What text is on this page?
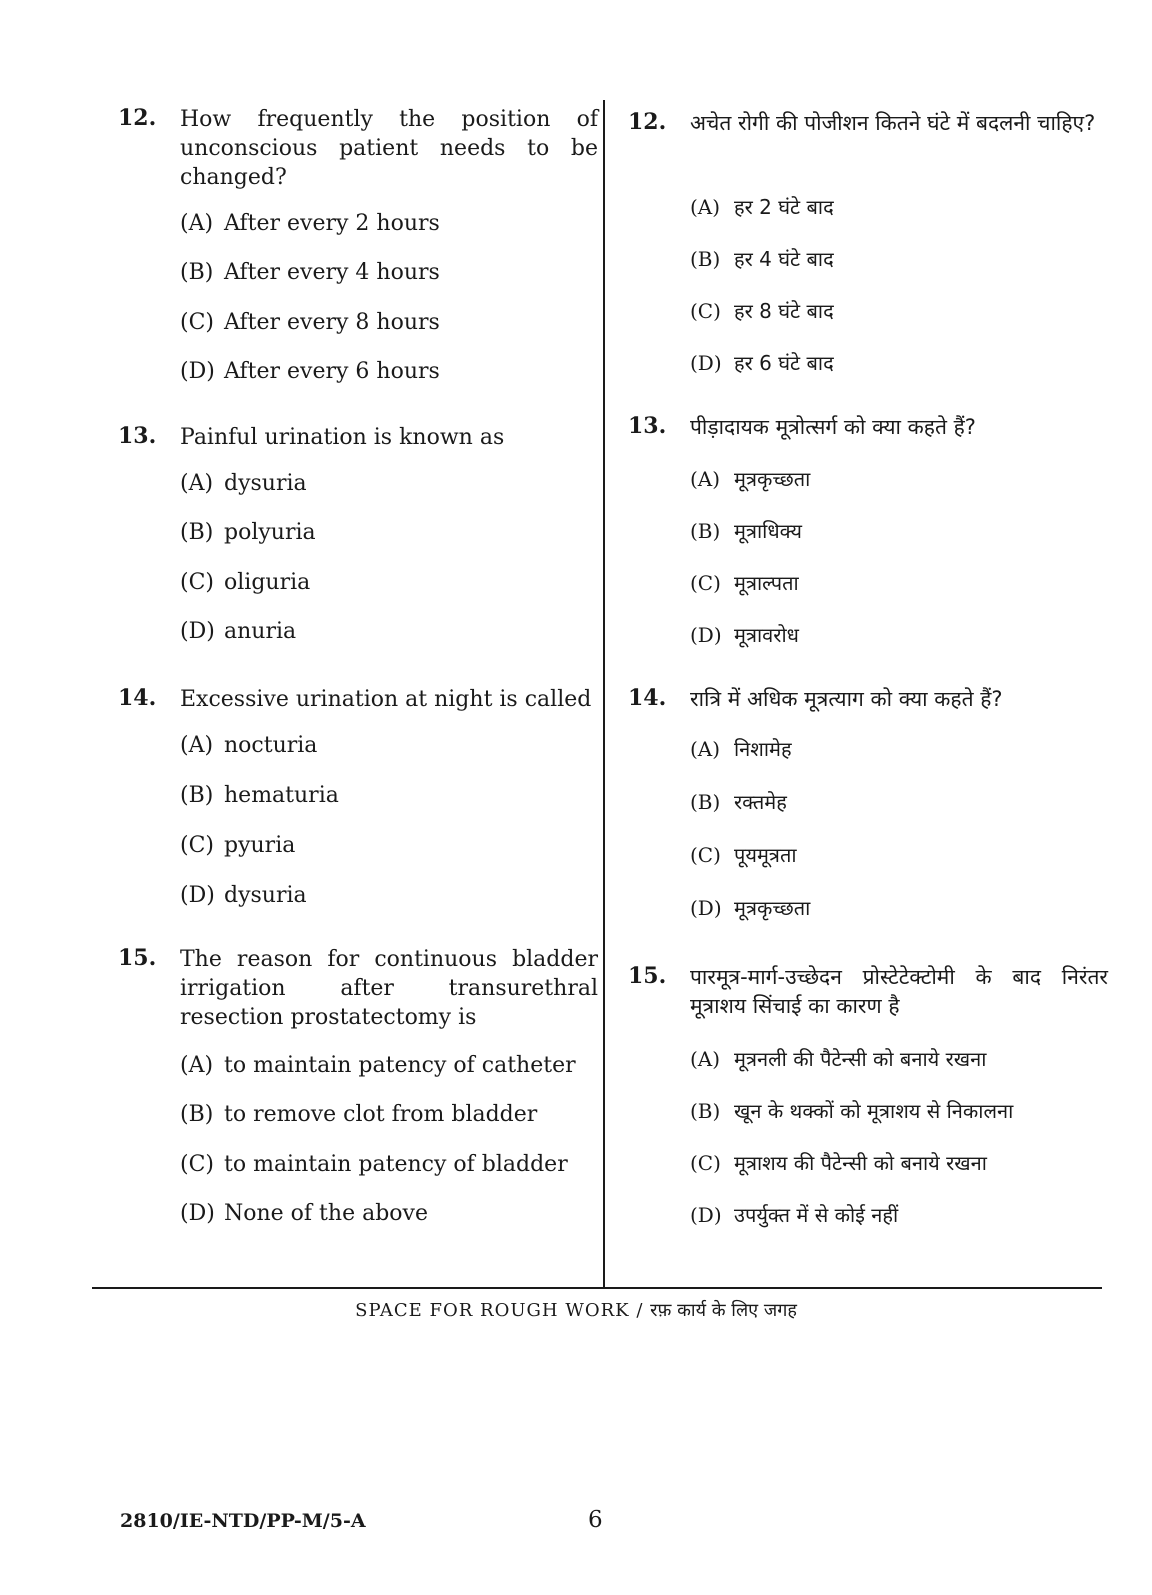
12. How frequently the position of unconscious patient needs to be changed?
(A) After every 2 hours
(B) After every 4 hours
(C) After every 8 hours
(D) After every 6 hours
13. Painful urination is known as
(A) dysuria
(B) polyuria
(C) oliguria
(D) anuria
14. Excessive urination at night is called
(A) nocturia
(B) hematuria
(C) pyuria
(D) dysuria
15. The reason for continuous bladder irrigation after transurethral resection prostatectomy is
(A) to maintain patency of catheter
(B) to remove clot from bladder
(C) to maintain patency of bladder
(D) None of the above
12. अचेत रोगी की पोजीशन कितने घंटे में बदलनी चाहिए?
(A) हर 2 घंटे बाद
(B) हर 4 घंटे बाद
(C) हर 8 घंटे बाद
(D) हर 6 घंटे बाद
13. पीड़ादायक मूत्रोत्सर्ग को क्या कहते हैं?
(A) मूत्रकृच्छता
(B) मूत्राधिक्य
(C) मूत्राल्पता
(D) मूत्रावरोध
14. रात्रि में अधिक मूत्रत्याग को क्या कहते हैं?
(A) निशामेह
(B) रक्तमेह
(C) पूयमूत्रता
(D) मूत्रकृच्छता
15. पारमूत्र-मार्ग-उच्छेदन प्रोस्टेटेक्टोमी के बाद निरंतर मूत्राशय सिंचाई का कारण है
(A) मूत्रनली की पैटेन्सी को बनाये रखना
(B) खून के थक्कों को मूत्राशय से निकालना
(C) मूत्राशय की पैटेन्सी को बनाये रखना
(D) उपर्युक्त में से कोई नहीं
SPACE FOR ROUGH WORK / रफ़ कार्य के लिए जगह
2810/IE-NTD/PP-M/5-A	6
